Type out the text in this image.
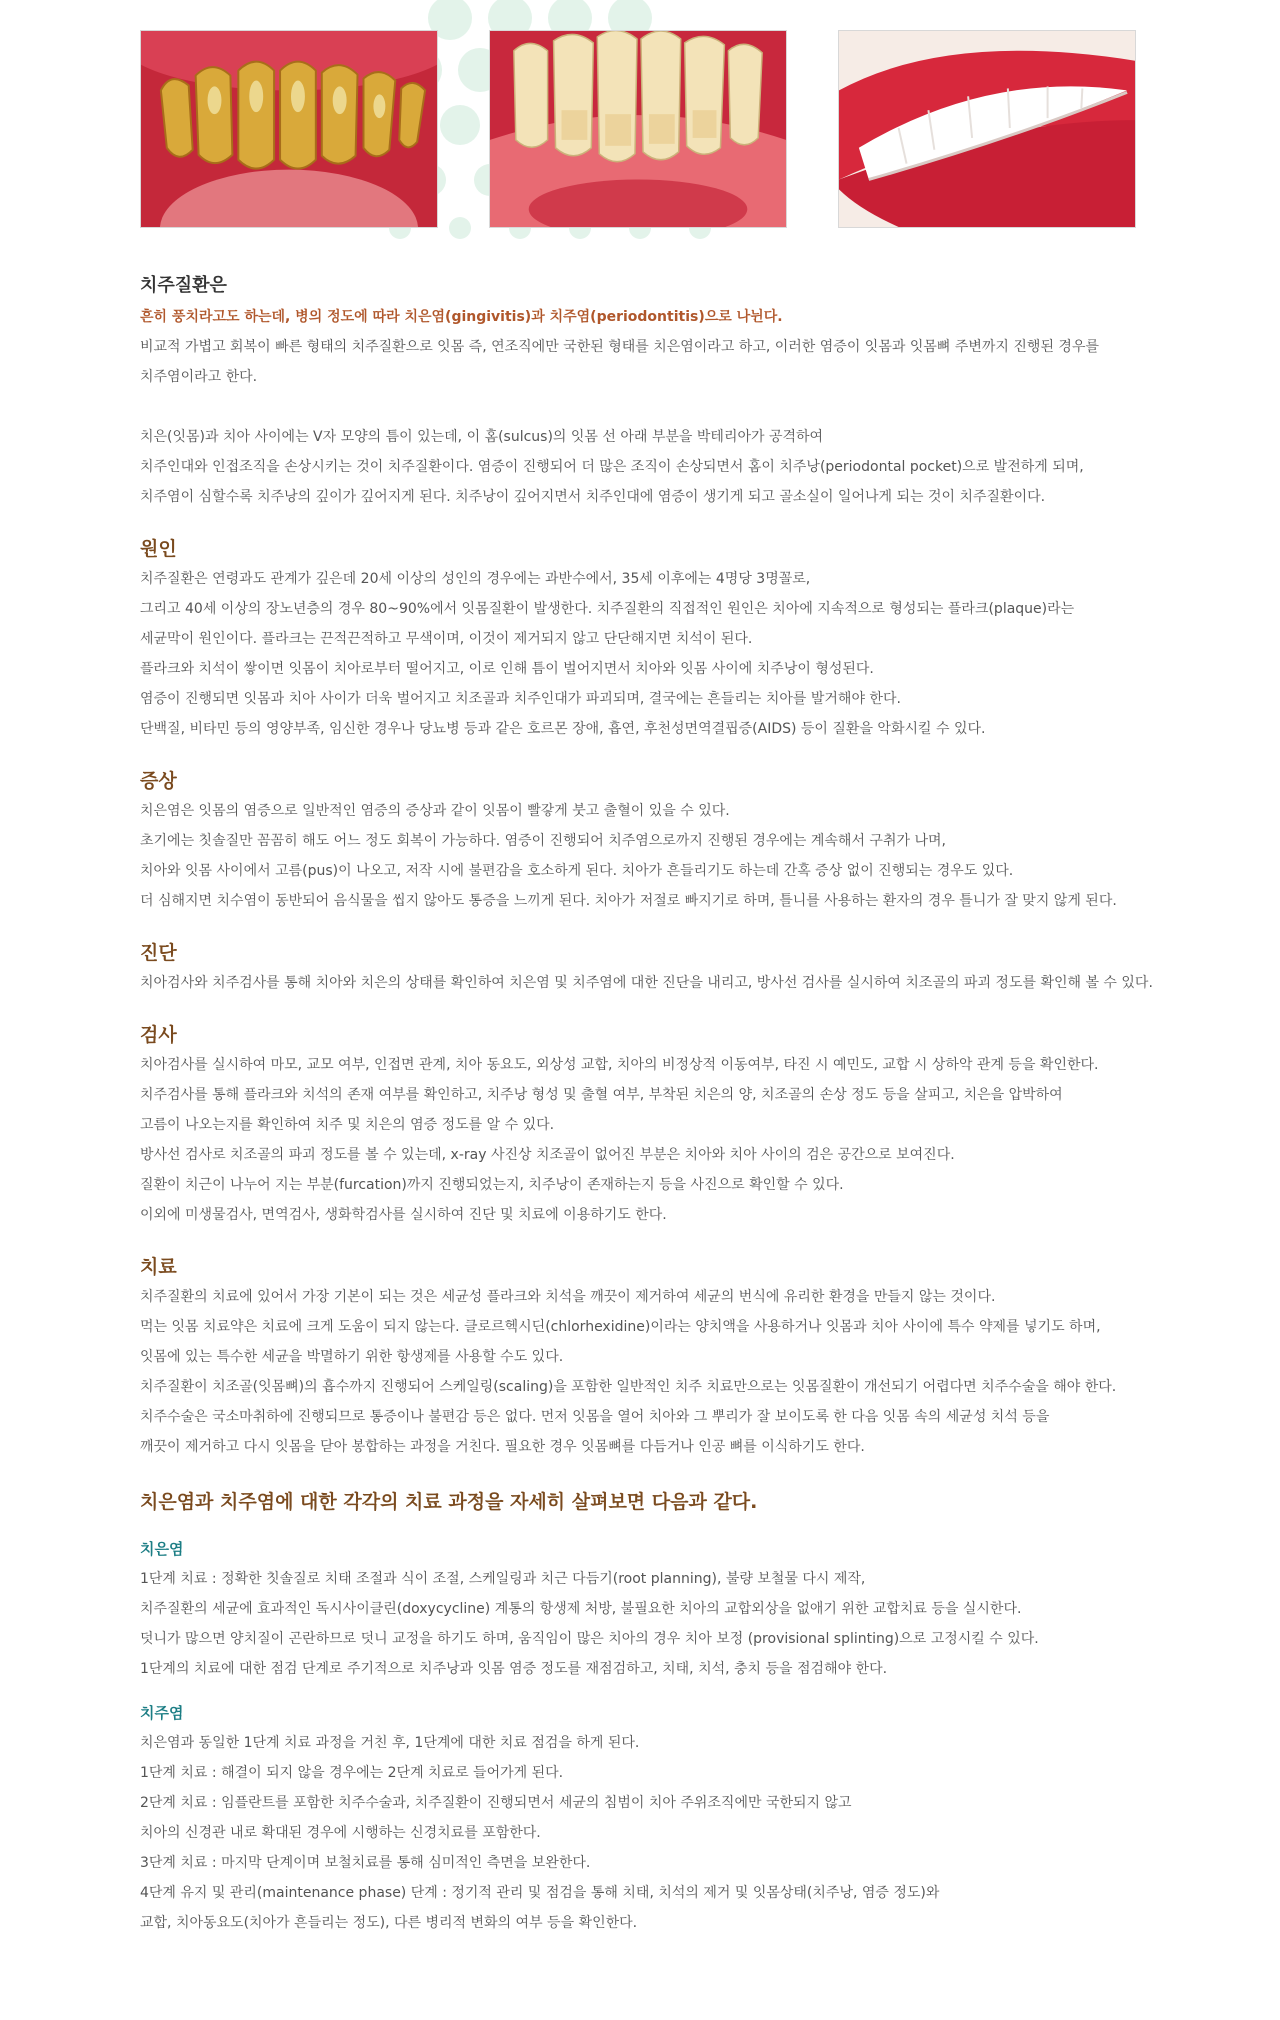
치주질환은
흔히 풍치라고도 하는데, 병의 정도에 따라 치은염(gingivitis)과 치주염(periodontitis)으로 나뉜다.
비교적 가볍고 회복이 빠른 형태의 치주질환으로 잇몸 즉, 연조직에만 국한된 형태를 치은염이라고 하고, 이러한 염증이 잇몸과 잇몸뼈 주변까지 진행된 경우를
치주염이라고 한다.
치은(잇몸)과 치아 사이에는 V자 모양의 틈이 있는데, 이 홈(sulcus)의 잇몸 선 아래 부분을 박테리아가 공격하여
치주인대와 인접조직을 손상시키는 것이 치주질환이다. 염증이 진행되어 더 많은 조직이 손상되면서 홈이 치주낭(periodontal pocket)으로 발전하게 되며,
치주염이 심할수록 치주낭의 깊이가 깊어지게 된다. 치주낭이 깊어지면서 치주인대에 염증이 생기게 되고 골소실이 일어나게 되는 것이 치주질환이다.
원인
치주질환은 연령과도 관계가 깊은데 20세 이상의 성인의 경우에는 과반수에서, 35세 이후에는 4명당 3명꼴로,
그리고 40세 이상의 장노년층의 경우 80~90%에서 잇몸질환이 발생한다. 치주질환의 직접적인 원인은 치아에 지속적으로 형성되는 플라크(plaque)라는
세균막이 원인이다. 플라크는 끈적끈적하고 무색이며, 이것이 제거되지 않고 단단해지면 치석이 된다.
플라크와 치석이 쌓이면 잇몸이 치아로부터 떨어지고, 이로 인해 틈이 벌어지면서 치아와 잇몸 사이에 치주낭이 형성된다.
염증이 진행되면 잇몸과 치아 사이가 더욱 벌어지고 치조골과 치주인대가 파괴되며, 결국에는 흔들리는 치아를 발거해야 한다.
단백질, 비타민 등의 영양부족, 임신한 경우나 당뇨병 등과 같은 호르몬 장애, 흡연, 후천성면역결핍증(AIDS) 등이 질환을 악화시킬 수 있다.
증상
치은염은 잇몸의 염증으로 일반적인 염증의 증상과 같이 잇몸이 빨갛게 붓고 출혈이 있을 수 있다.
초기에는 칫솔질만 꼼꼼히 해도 어느 정도 회복이 가능하다. 염증이 진행되어 치주염으로까지 진행된 경우에는 계속해서 구취가 나며,
치아와 잇몸 사이에서 고름(pus)이 나오고, 저작 시에 불편감을 호소하게 된다. 치아가 흔들리기도 하는데 간혹 증상 없이 진행되는 경우도 있다.
더 심해지면 치수염이 동반되어 음식물을 씹지 않아도 통증을 느끼게 된다. 치아가 저절로 빠지기로 하며, 틀니를 사용하는 환자의 경우 틀니가 잘 맞지 않게 된다.
진단
치아검사와 치주검사를 통해 치아와 치은의 상태를 확인하여 치은염 및 치주염에 대한 진단을 내리고, 방사선 검사를 실시하여 치조골의 파괴 정도를 확인해 볼 수 있다.
검사
치아검사를 실시하여 마모, 교모 여부, 인접면 관계, 치아 동요도, 외상성 교합, 치아의 비정상적 이동여부, 타진 시 예민도, 교합 시 상하악 관계 등을 확인한다.
치주검사를 통해 플라크와 치석의 존재 여부를 확인하고, 치주낭 형성 및 출혈 여부, 부착된 치은의 양, 치조골의 손상 정도 등을 살피고, 치은을 압박하여
고름이 나오는지를 확인하여 치주 및 치은의 염증 정도를 알 수 있다.
방사선 검사로 치조골의 파괴 정도를 볼 수 있는데, x-ray 사진상 치조골이 없어진 부분은 치아와 치아 사이의 검은 공간으로 보여진다.
질환이 치근이 나누어 지는 부분(furcation)까지 진행되었는지, 치주낭이 존재하는지 등을 사진으로 확인할 수 있다.
이외에 미생물검사, 면역검사, 생화학검사를 실시하여 진단 및 치료에 이용하기도 한다.
치료
치주질환의 치료에 있어서 가장 기본이 되는 것은 세균성 플라크와 치석을 깨끗이 제거하여 세균의 번식에 유리한 환경을 만들지 않는 것이다.
먹는 잇몸 치료약은 치료에 크게 도움이 되지 않는다. 클로르헥시딘(chlorhexidine)이라는 양치액을 사용하거나 잇몸과 치아 사이에 특수 약제를 넣기도 하며,
잇몸에 있는 특수한 세균을 박멸하기 위한 항생제를 사용할 수도 있다.
치주질환이 치조골(잇몸뼈)의 흡수까지 진행되어 스케일링(scaling)을 포함한 일반적인 치주 치료만으로는 잇몸질환이 개선되기 어렵다면 치주수술을 해야 한다.
치주수술은 국소마취하에 진행되므로 통증이나 불편감 등은 없다. 먼저 잇몸을 열어 치아와 그 뿌리가 잘 보이도록 한 다음 잇몸 속의 세균성 치석 등을
깨끗이 제거하고 다시 잇몸을 닫아 봉합하는 과정을 거친다. 필요한 경우 잇몸뼈를 다듬거나 인공 뼈를 이식하기도 한다.
치은염과 치주염에 대한 각각의 치료 과정을 자세히 살펴보면 다음과 같다.
치은염
1단계 치료 : 정확한 칫솔질로 치태 조절과 식이 조절, 스케일링과 치근 다듬기(root planning), 불량 보철물 다시 제작,
치주질환의 세균에 효과적인 독시사이클린(doxycycline) 계통의 항생제 처방, 불필요한 치아의 교합외상을 없애기 위한 교합치료 등을 실시한다.
덧니가 많으면 양치질이 곤란하므로 덧니 교정을 하기도 하며, 움직임이 많은 치아의 경우 치아 보정 (provisional splinting)으로 고정시킬 수 있다.
1단계의 치료에 대한 점검 단계로 주기적으로 치주낭과 잇몸 염증 정도를 재점검하고, 치태, 치석, 충치 등을 점검해야 한다.
치주염
치은염과 동일한 1단계 치료 과정을 거친 후, 1단계에 대한 치료 점검을 하게 된다.
1단계 치료 : 해결이 되지 않을 경우에는 2단계 치료로 들어가게 된다.
2단계 치료 : 임플란트를 포함한 치주수술과, 치주질환이 진행되면서 세균의 침범이 치아 주위조직에만 국한되지 않고
치아의 신경관 내로 확대된 경우에 시행하는 신경치료를 포함한다.
3단계 치료 : 마지막 단계이며 보철치료를 통해 심미적인 측면을 보완한다.
4단계 유지 및 관리(maintenance phase) 단계 : 정기적 관리 및 점검을 통해 치태, 치석의 제거 및 잇몸상태(치주낭, 염증 정도)와
교합, 치아동요도(치아가 흔들리는 정도), 다른 병리적 변화의 여부 등을 확인한다.
